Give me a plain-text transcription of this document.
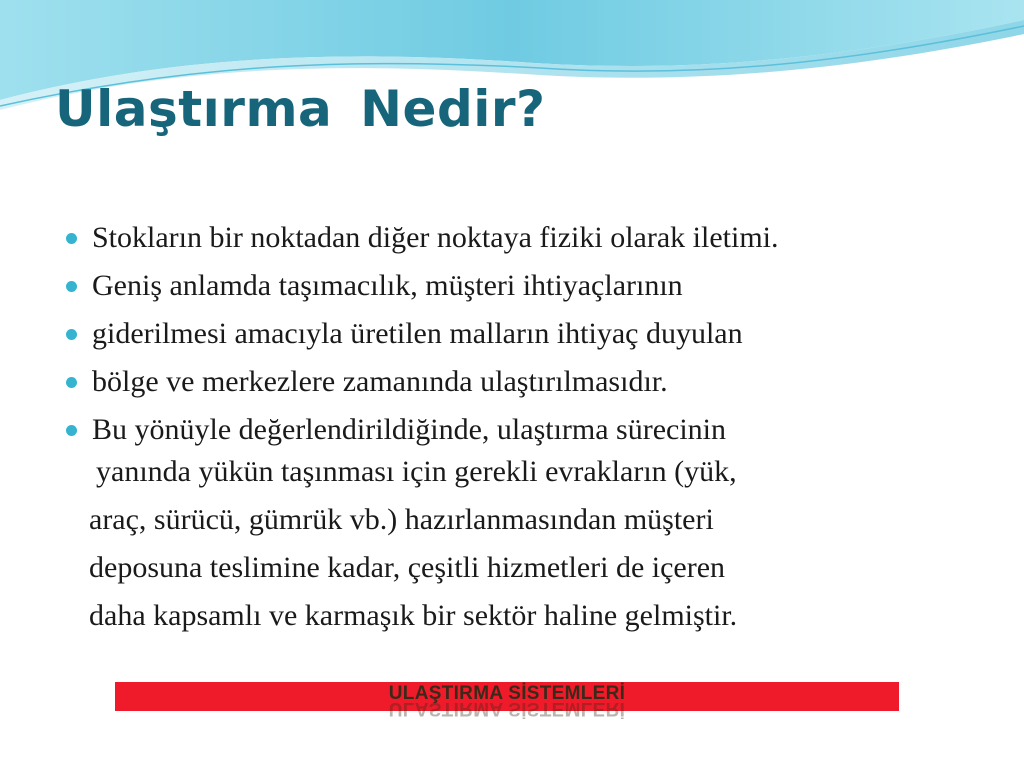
Ulaştırma Nedir?
Stokların bir noktadan diğer noktaya fiziki olarak iletimi.
Geniş anlamda taşımacılık, müşteri ihtiyaçlarının
giderilmesi amacıyla üretilen malların ihtiyaç duyulan
bölge ve merkezlere zamanında ulaştırılmasıdır.
Bu yönüyle değerlendirildiğinde, ulaştırma sürecinin

yanında yükün taşınması için gerekli evrakların (yük,
araç, sürücü, gümrük vb.) hazırlanmasından müşteri
deposuna teslimine kadar, çeşitli hizmetleri de içeren
daha kapsamlı ve karmaşık bir sektör haline gelmiştir.

ULAŞTIRMA SİSTEMLERİ
ULAŞTIRMA SİSTEMLERİ
